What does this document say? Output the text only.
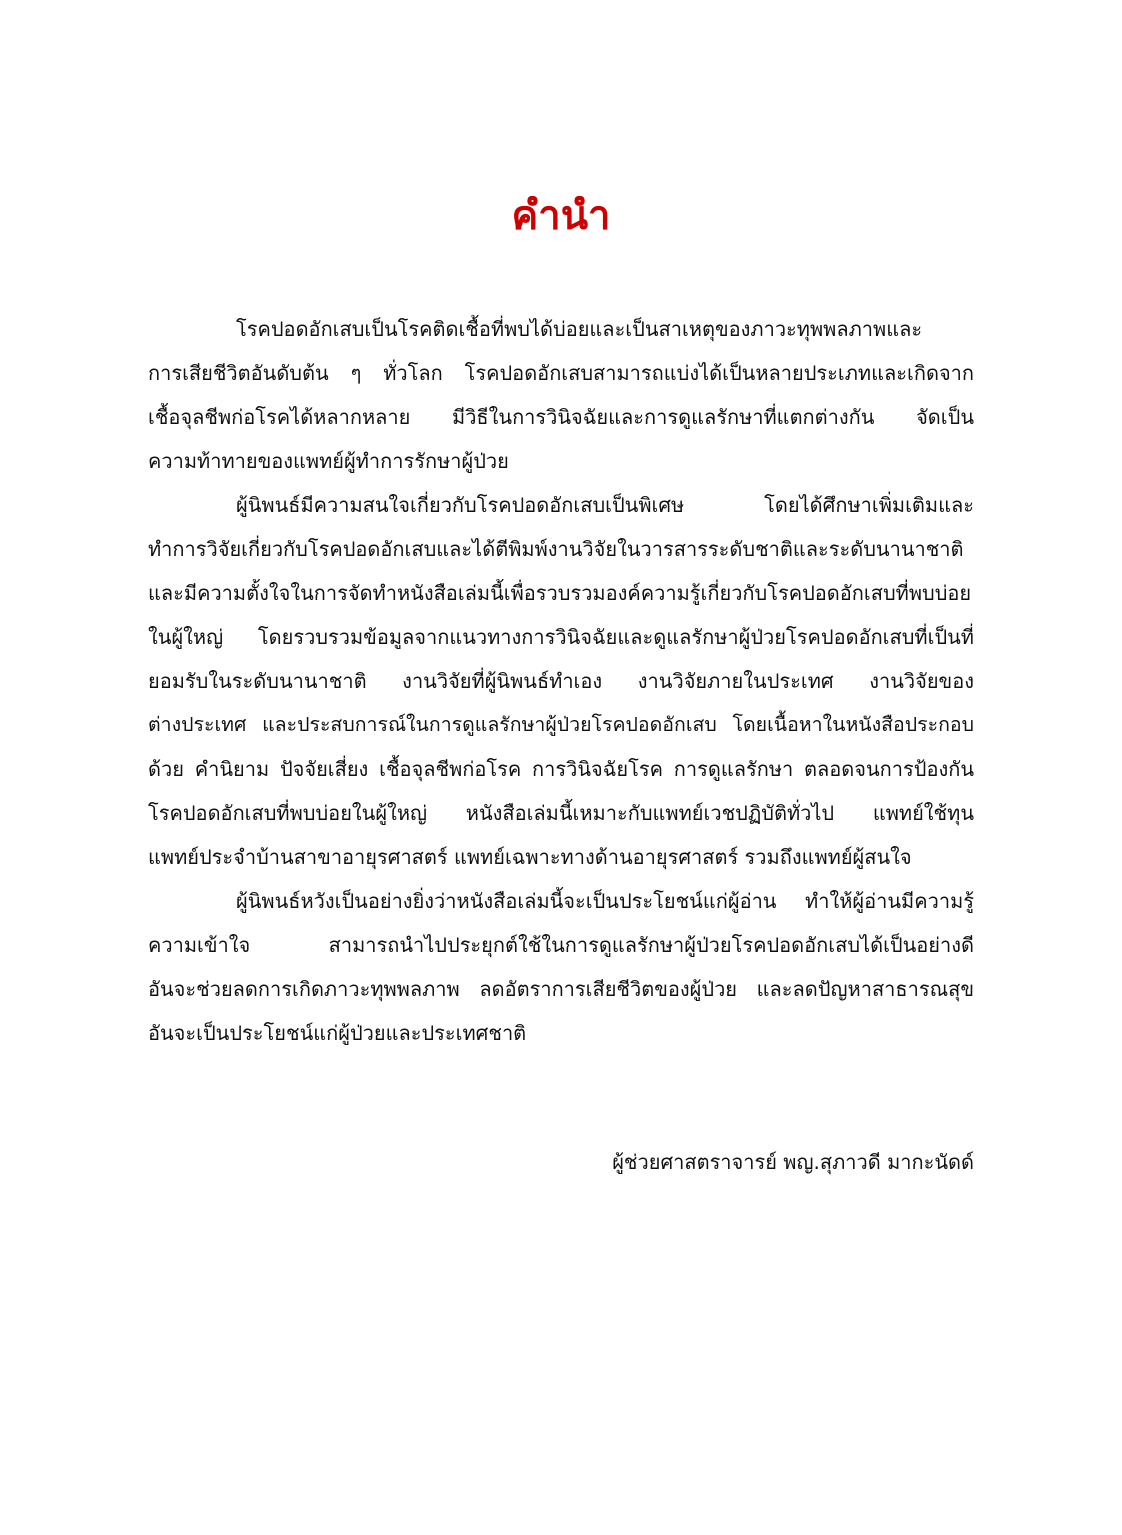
คำนำ
โรคปอดอักเสบเป็นโรคติดเชื้อที่พบได้บ่อยและเป็นสาเหตุของภาวะทุพพลภาพและ
การเสียชีวิตอันดับต้น ๆ ทั่วโลก โรคปอดอักเสบสามารถแบ่งได้เป็นหลายประเภทและเกิดจาก
เชื้อจุลชีพก่อโรคได้หลากหลาย มีวิธีในการวินิจฉัยและการดูแลรักษาที่แตกต่างกัน จัดเป็น
ความท้าทายของแพทย์ผู้ทำการรักษาผู้ป่วย
ผู้นิพนธ์มีความสนใจเกี่ยวกับโรคปอดอักเสบเป็นพิเศษ โดยได้ศึกษาเพิ่มเติมและ
ทำการวิจัยเกี่ยวกับโรคปอดอักเสบและได้ตีพิมพ์งานวิจัยในวารสารระดับชาติและระดับนานาชาติ
และมีความตั้งใจในการจัดทำหนังสือเล่มนี้เพื่อรวบรวมองค์ความรู้เกี่ยวกับโรคปอดอักเสบที่พบบ่อย
ในผู้ใหญ่ โดยรวบรวมข้อมูลจากแนวทางการวินิจฉัยและดูแลรักษาผู้ป่วยโรคปอดอักเสบที่เป็นที่
ยอมรับในระดับนานาชาติ งานวิจัยที่ผู้นิพนธ์ทำเอง งานวิจัยภายในประเทศ งานวิจัยของ
ต่างประเทศ และประสบการณ์ในการดูแลรักษาผู้ป่วยโรคปอดอักเสบ โดยเนื้อหาในหนังสือประกอบ
ด้วย คำนิยาม ปัจจัยเสี่ยง เชื้อจุลชีพก่อโรค การวินิจฉัยโรค การดูแลรักษา ตลอดจนการป้องกัน
โรคปอดอักเสบที่พบบ่อยในผู้ใหญ่ หนังสือเล่มนี้เหมาะกับแพทย์เวชปฏิบัติทั่วไป แพทย์ใช้ทุน
แพทย์ประจำบ้านสาขาอายุรศาสตร์ แพทย์เฉพาะทางด้านอายุรศาสตร์ รวมถึงแพทย์ผู้สนใจ
ผู้นิพนธ์หวังเป็นอย่างยิ่งว่าหนังสือเล่มนี้จะเป็นประโยชน์แก่ผู้อ่าน ทำให้ผู้อ่านมีความรู้
ความเข้าใจ สามารถนำไปประยุกต์ใช้ในการดูแลรักษาผู้ป่วยโรคปอดอักเสบได้เป็นอย่างดี
อันจะช่วยลดการเกิดภาวะทุพพลภาพ ลดอัตราการเสียชีวิตของผู้ป่วย และลดปัญหาสาธารณสุข
อันจะเป็นประโยชน์แก่ผู้ป่วยและประเทศชาติ
ผู้ช่วยศาสตราจารย์ พญ.สุภาวดี มากะนัดด์
